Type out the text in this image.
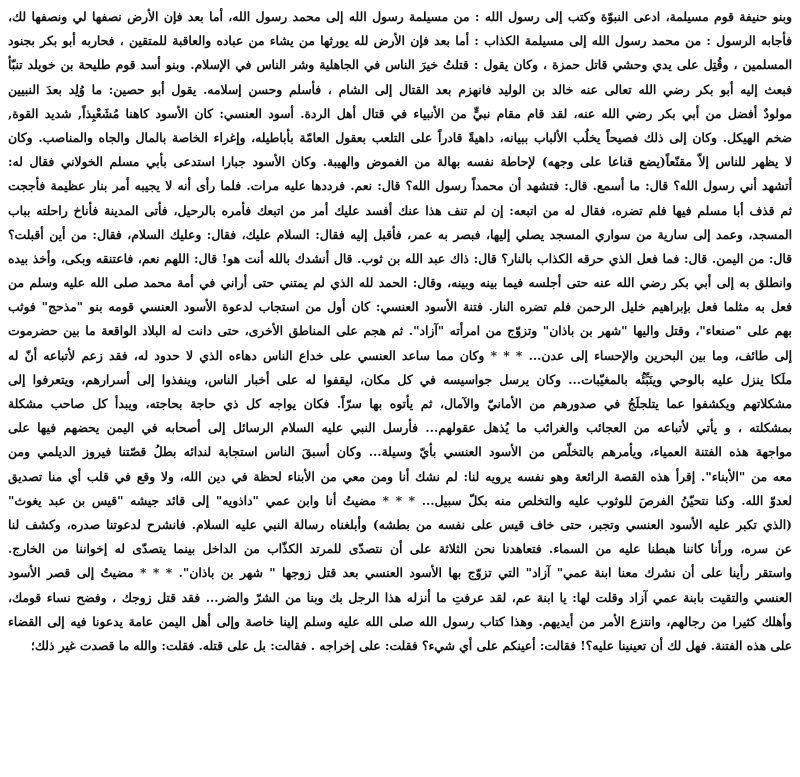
وبنو حنيفة قوم مسيلمة، ادعى النبوّة وكتب إلى رسول الله : من مسيلمة رسول الله إلى محمد رسول الله، أما بعد فإن الأرض نصفها لي ونصفها لك،
فأجابه الرسول : من محمد رسول الله إلى مسيلمة الكذاب : أما بعد فإن الأرض لله يورثها من يشاء من عباده والعاقبة للمتقين ، فحاربه أبو بكر بجنود
المسلمين ، وقُتِل على يدي وحشي قاتل حمزة ، وكان يقول : قتلتُ خيرَ الناس في الجاهلية وشر الناس في الإسلام. وبنو أسد قوم طليحة بن خويلد تنبّأ
فبعث إليه أبو بكر رضي الله تعالى عنه خالد بن الوليد فانهزم بعد القتال إلى الشام ، فأسلم وحسن إسلامه. يقول أبو حصين: ما وُلِد بعدَ النبيين
مولودٌ أفضل من أبي بكر رضي الله عنه، لقد قام مقام نبيٍّ من الأنبياء في قتال أهل الردة. أسود العنسي: كان الأسود كاهنا مُشَعْبِذاً, شديد القوة,
ضخم الهيكل. وكان إلى ذلك فصيحاً يخلُب الألباب ببيانه، داهيةً قادراً على التلعب بعقول العامّة بأباطيله، وإغراء الخاصة بالمال والجاه والمناصب. وكان
لا يظهر للناس إلاّ مقنّعاً(يضع قناعا على وجهه) لإحاطة نفسه بهالة من الغموض والهيبة. وكان الأسود جبارا استدعى بأبي مسلم الخولاني فقال له:
أتشهد أني رسول الله؟ قال: ما أسمع. قال: فتشهد أن محمداً رسول الله؟ قال: نعم. فرددها عليه مرات. فلما رأى أنه لا يجيبه أمر بنار عظيمة فأججت
ثم قذف أبا مسلم فيها فلم تضره، فقال له من اتبعه: إن لم تنف هذا عنك أفسد عليك أمر من اتبعك فأمره بالرحيل، فأتى المدينة فأناخ راحلته بباب
المسجد، وعمد إلى سارية من سواري المسجد يصلي إليها، فبصر به عمر، فأقبل إليه فقال: السلام عليك، فقال: وعليك السلام، فقال: من أين أقبلت؟
قال: من اليمن. قال: فما فعل الذي حرقه الكذاب بالنار؟ قال: ذاك عبد الله بن ثوب. قال أنشدك بالله أنت هو! قال: اللهم نعم، فاعتنقه وبكى، وأخذ بيده
وانطلق به إلى أبي بكر رضي الله عنه حتى أجلسه فيما بينه وبينه، وقال: الحمد لله الذي لم يمتني حتى أراني في أمة محمد صلى الله عليه وسلم من
فعل به مثلما فعل بإبراهيم خليل الرحمن فلم تضره النار. فتنة الأسود العنسي: كان أول من استجاب لدعوة الأسود العنسي قومه بنو "مذحج" فوثب
بهم على "صنعاء"، وقتل واليها "شهر بن باذان" وتزوّج من امرأته "آزاد". ثم هجم على المناطق الأخرى، حتى دانت له البلاد الواقعة ما بين حضرموت
إلى طائف، وما بين البحرين والإحساء إلى عدن... * * * وكان مما ساعد العنسي على خداع الناس دهاءه الذي لا حدود له، فقد زعم لأتباعه أنّ له
ملَكا ينزل عليه بالوحي وينَبِّئُه بالمغيّبات... وكان يرسل جواسيسه في كل مكان، ليقفوا له على أخبار الناس، وينفذوا إلى أسرارهم، ويتعرفوا إلى
مشكلاتهم ويكشفوا عما يتلجلَجُ في صدورهم من الأمانيّ والآمال، ثم يأتوه بها سرّاً. فكان يواجه كل ذي حاجة بحاجته، ويبدأ كل صاحب مشكلة
بمشكلته ، و يأتي لأتباعه من العجائب والغرائب ما يُذهل عقولهم... فأرسل النبي عليه السلام الرسائل إلى أصحابه في اليمن يحضهم فيها على
مواجهة هذه الفتنة العمياء، ويأمرهم بالتخلّص من الأسود العنسي بأيّ وسيلة... وكان أسبقَ الناس استجابة لندائه بطلُ قصّتنا فيروز الديلمي ومن
معه من "الأبناء". إقرأ هذه القصة الرائعة وهو نفسه يرويه لنا: لم نشك أنا ومن معي من الأبناء لحظة في دين الله، ولا وقع في قلب أي منا تصديق
لعدوّ الله. وكنا نتحيّنُ الفرصَ للوثوب عليه والتخلص منه بكلّ سبيل... * * * مضيتُ أنا وابن عمي "داذويه" إلى قائد جيشه "قيس بن عبد يغوث"
(الذي تكبر عليه الأسود العنسي وتجبر، حتى خاف قيس على نفسه من بطشه) وأبلغناه رسالة النبي عليه السلام. فانشرح لدعوتنا صدره، وكشف لنا
عن سره، ورأنا كاننا هبطنا عليه من السماء. فتعاهدنا نحن الثلاثة على أن نتصدّى للمرتد الكذّاب من الداخل بينما يتصدّى له إخواننا من الخارج.
واستقر رأينا على أن نشرك معنا ابنة عمي" آزاد" التي تزوّج بها الأسود العنسي بعد قتل زوجها " شهر بن باذان". * * * مضيتُ إلى قصر الأسود
العنسي والتقيت بابنة عمي آزاد وقلت لها: يا ابنة عم، لقد عرفتِ ما أنزله هذا الرجل بك وبنا من الشرّ والضر... فقد قتل زوجك ، وفضح نساء قومك،
وأهلك كثيرا من رجالهم، وانتزع الأمر من أيديهم. وهذا كتاب رسول الله صلى الله عليه وسلم إلينا خاصة وإلى أهل اليمن عامة يدعونا فيه إلى القضاء
على هذه الفتنة. فهل لك أن تعينينا عليه؟! فقالت: أعينكم على أي شيء؟ فقلت: على إخراجه . فقالت: بل على قتله. فقلت: والله ما قصدت غير ذلك؛
